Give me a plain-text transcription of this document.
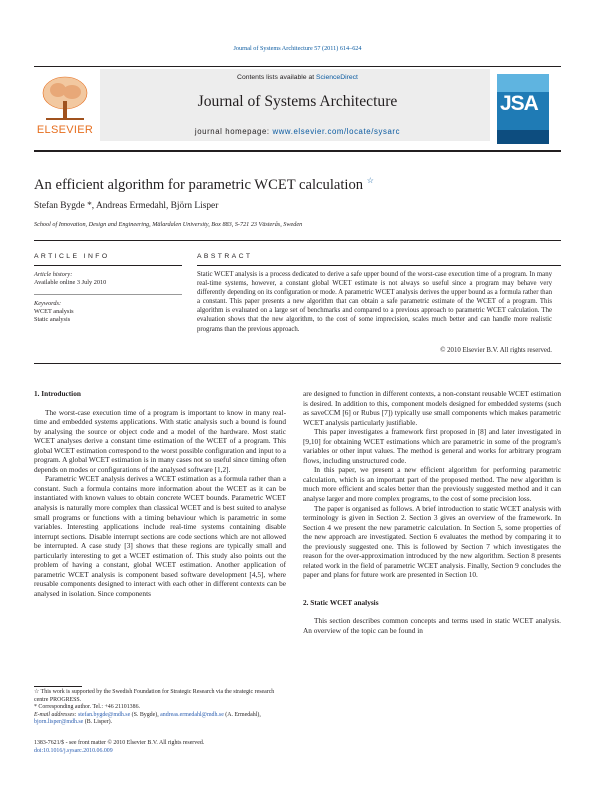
Journal of Systems Architecture 57 (2011) 614–624
Contents lists available at ScienceDirect
Journal of Systems Architecture
journal homepage: www.elsevier.com/locate/sysarc
ELSEVIER
JSA
An efficient algorithm for parametric WCET calculation ☆
Stefan Bygde *, Andreas Ermedahl, Björn Lisper
School of Innovation, Design and Engineering, Mälardalen University, Box 883, S-721 23 Västerås, Sweden
ARTICLE INFO	ABSTRACT
Article history:
Available online 3 July 2010
Keywords:
WCET analysis
Static analysis
Static WCET analysis is a process dedicated to derive a safe upper bound of the worst-case execution time of a program. In many real-time systems, however, a constant global WCET estimate is not always so useful since a program may behave very differently depending on its configuration or mode. A parametric WCET analysis derives the upper bound as a formula rather than a constant. This paper presents a new algorithm that can obtain a safe parametric estimate of the WCET of a program. This algorithm is evaluated on a large set of benchmarks and compared to a previous approach to parametric WCET calculation. The evaluation shows that the new algorithm, to the cost of some imprecision, scales much better and can handle more realistic programs than the previous approach.
© 2010 Elsevier B.V. All rights reserved.
1. Introduction

The worst-case execution time of a program is important to know in many real-time and embedded systems applications. With static analysis such a bound is found by analysing the source or object code and a model of the hardware. Most static WCET analyses derive a constant time estimation of the WCET of a program. This global WCET estimation correspond to the worst possible configuration and input to a program. A global WCET estimation is in many cases not so useful since timing often depends on modes or configurations of the analysed software [1,2].

Parametric WCET analysis derives a WCET estimation as a formula rather than a constant. Such a formula contains more information about the WCET as it can be instantiated with known values to obtain concrete WCET bounds. Parametric WCET analysis is naturally more complex than classical WCET and is best suited to analyse small programs or functions with a timing behaviour which is parametric in some variables. Interesting applications include real-time systems containing disable interrupt sections. Disable interrupt sections are code sections which are not allowed be interrupted. A case study [3] shows that these regions are typically small and particularly interesting to get a WCET estimation of. This study also points out the problem of having a constant, global WCET estimation. Another application of parametric WCET analysis is component based software development [4,5], where reusable components designed to interact with each other in different contexts can be analysed in isolation. Since components

☆ This work is supported by the Swedish Foundation for Strategic Research via the strategic research centre PROGRESS.
* Corresponding author. Tel.: +46 21101386.
E-mail addresses: stefan.bygde@mdh.se (S. Bygde), andreas.ermedahl@mdh.se (A. Ermedahl), bjorn.lisper@mdh.se (B. Lisper).
1383-7621/$ - see front matter © 2010 Elsevier B.V. All rights reserved.
doi:10.1016/j.sysarc.2010.06.009

are designed to function in different contexts, a non-constant reusable WCET estimation is desired. In addition to this, component models designed for embedded systems (such as saveCCM [6] or Rubus [7]) typically use small components which makes parametric WCET analysis particularly justifiable.

This paper investigates a framework first proposed in [8] and later investigated in [9,10] for obtaining WCET estimations which are parametric in some of the program's variables or other input values. The method is general and works for arbitrary program flows, including unstructured code.

In this paper, we present a new efficient algorithm for performing parametric calculation, which is an important part of the proposed method. The new algorithm is much more efficient and scales better than the previously suggested method and it can analyse larger and more complex programs, to the cost of some precision loss.

The paper is organised as follows. A brief introduction to static WCET analysis with terminology is given in Section 2. Section 3 gives an overview of the framework. In Section 4 we present the new parametric calculation. In Section 5, some properties of the new approach are investigated. Section 6 evaluates the method by comparing it to the previously suggested one. This is followed by Section 7 which investigates the reason for the over-approximation introduced by the new algorithm. Section 8 presents related work in the field of parametric WCET analysis. Finally, Section 9 concludes the paper and plans for future work are presented in Section 10.

2. Static WCET analysis

This section describes common concepts and terms used in static WCET analysis. An overview of the topic can be found in
